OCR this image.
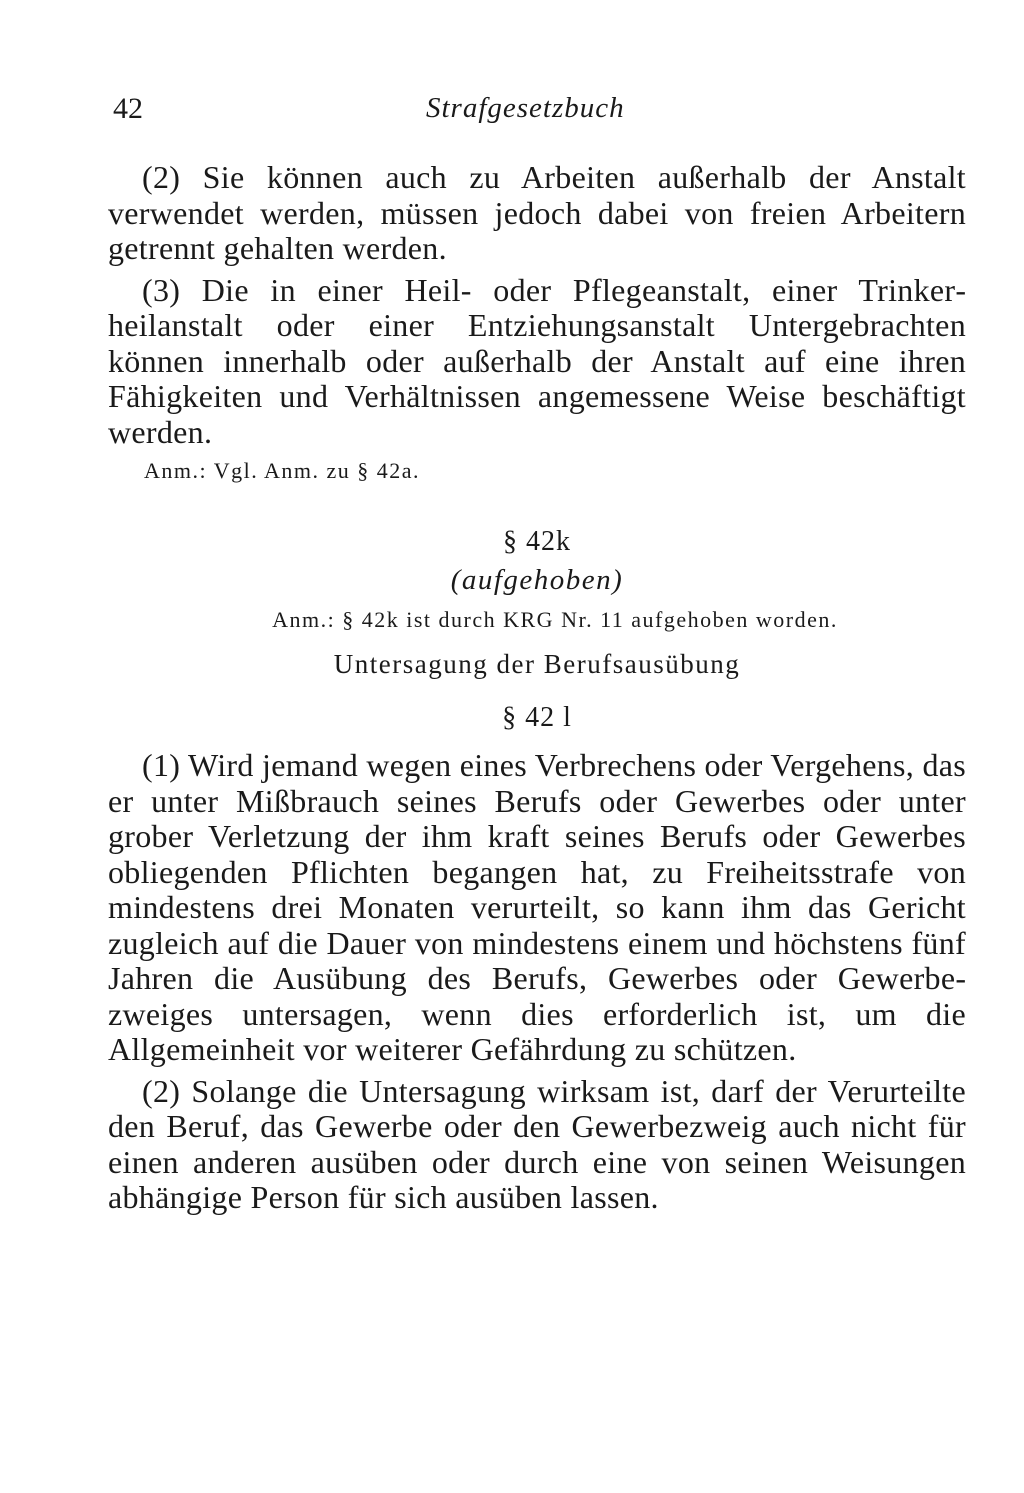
42	Strafgesetzbuch

(2) Sie können auch zu Arbeiten außerhalb der Anstalt verwendet werden, müssen jedoch dabei von freien Arbeitern getrennt gehalten werden.

(3) Die in einer Heil- oder Pflegeanstalt, einer Trinkerheilanstalt oder einer Entziehungsanstalt Untergebrachten können innerhalb oder außerhalb der Anstalt auf eine ihren Fähigkeiten und Verhältnissen angemessene Weise beschäftigt werden.

Anm.: Vgl. Anm. zu § 42a.

§ 42k

(aufgehoben)

Anm.: § 42k ist durch KRG Nr. 11 aufgehoben worden.

Untersagung der Berufsausübung

§ 42 l

(1) Wird jemand wegen eines Verbrechens oder Vergehens, das er unter Mißbrauch seines Berufs oder Gewerbes oder unter grober Verletzung der ihm kraft seines Berufs oder Gewerbes obliegenden Pflichten begangen hat, zu Freiheitsstrafe von mindestens drei Monaten verurteilt, so kann ihm das Gericht zugleich auf die Dauer von mindestens einem und höchstens fünf Jahren die Ausübung des Berufs, Gewerbes oder Gewerbezweiges untersagen, wenn dies erforderlich ist, um die Allgemeinheit vor weiterer Gefährdung zu schützen.

(2) Solange die Untersagung wirksam ist, darf der Verurteilte den Beruf, das Gewerbe oder den Gewerbezweig auch nicht für einen anderen ausüben oder durch eine von seinen Weisungen abhängige Person für sich ausüben lassen.
